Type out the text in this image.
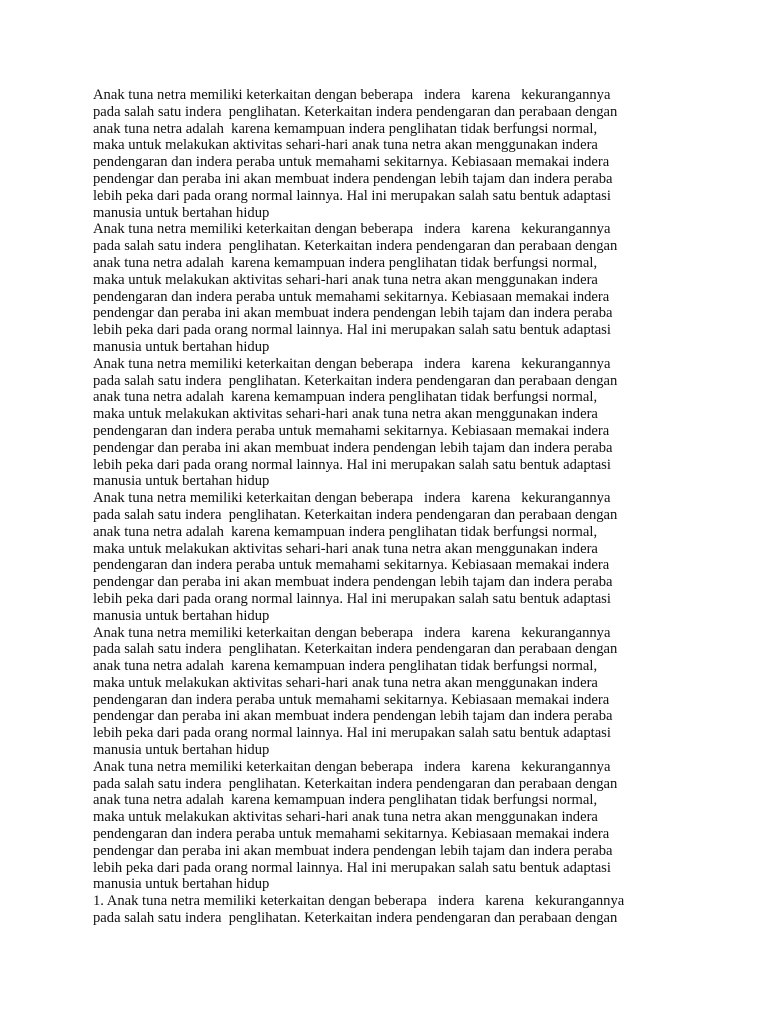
Anak tuna netra memiliki keterkaitan dengan beberapa   indera   karena   kekurangannya
pada salah satu indera  penglihatan. Keterkaitan indera pendengaran dan perabaan dengan
anak tuna netra adalah  karena kemampuan indera penglihatan tidak berfungsi normal,
maka untuk melakukan aktivitas sehari-hari anak tuna netra akan menggunakan indera
pendengaran dan indera peraba untuk memahami sekitarnya. Kebiasaan memakai indera
pendengar dan peraba ini akan membuat indera pendengan lebih tajam dan indera peraba
lebih peka dari pada orang normal lainnya. Hal ini merupakan salah satu bentuk adaptasi
manusia untuk bertahan hidup
Anak tuna netra memiliki keterkaitan dengan beberapa   indera   karena   kekurangannya
pada salah satu indera  penglihatan. Keterkaitan indera pendengaran dan perabaan dengan
anak tuna netra adalah  karena kemampuan indera penglihatan tidak berfungsi normal,
maka untuk melakukan aktivitas sehari-hari anak tuna netra akan menggunakan indera
pendengaran dan indera peraba untuk memahami sekitarnya. Kebiasaan memakai indera
pendengar dan peraba ini akan membuat indera pendengan lebih tajam dan indera peraba
lebih peka dari pada orang normal lainnya. Hal ini merupakan salah satu bentuk adaptasi
manusia untuk bertahan hidup
Anak tuna netra memiliki keterkaitan dengan beberapa   indera   karena   kekurangannya
pada salah satu indera  penglihatan. Keterkaitan indera pendengaran dan perabaan dengan
anak tuna netra adalah  karena kemampuan indera penglihatan tidak berfungsi normal,
maka untuk melakukan aktivitas sehari-hari anak tuna netra akan menggunakan indera
pendengaran dan indera peraba untuk memahami sekitarnya. Kebiasaan memakai indera
pendengar dan peraba ini akan membuat indera pendengan lebih tajam dan indera peraba
lebih peka dari pada orang normal lainnya. Hal ini merupakan salah satu bentuk adaptasi
manusia untuk bertahan hidup
Anak tuna netra memiliki keterkaitan dengan beberapa   indera   karena   kekurangannya
pada salah satu indera  penglihatan. Keterkaitan indera pendengaran dan perabaan dengan
anak tuna netra adalah  karena kemampuan indera penglihatan tidak berfungsi normal,
maka untuk melakukan aktivitas sehari-hari anak tuna netra akan menggunakan indera
pendengaran dan indera peraba untuk memahami sekitarnya. Kebiasaan memakai indera
pendengar dan peraba ini akan membuat indera pendengan lebih tajam dan indera peraba
lebih peka dari pada orang normal lainnya. Hal ini merupakan salah satu bentuk adaptasi
manusia untuk bertahan hidup
Anak tuna netra memiliki keterkaitan dengan beberapa   indera   karena   kekurangannya
pada salah satu indera  penglihatan. Keterkaitan indera pendengaran dan perabaan dengan
anak tuna netra adalah  karena kemampuan indera penglihatan tidak berfungsi normal,
maka untuk melakukan aktivitas sehari-hari anak tuna netra akan menggunakan indera
pendengaran dan indera peraba untuk memahami sekitarnya. Kebiasaan memakai indera
pendengar dan peraba ini akan membuat indera pendengan lebih tajam dan indera peraba
lebih peka dari pada orang normal lainnya. Hal ini merupakan salah satu bentuk adaptasi
manusia untuk bertahan hidup
Anak tuna netra memiliki keterkaitan dengan beberapa   indera   karena   kekurangannya
pada salah satu indera  penglihatan. Keterkaitan indera pendengaran dan perabaan dengan
anak tuna netra adalah  karena kemampuan indera penglihatan tidak berfungsi normal,
maka untuk melakukan aktivitas sehari-hari anak tuna netra akan menggunakan indera
pendengaran dan indera peraba untuk memahami sekitarnya. Kebiasaan memakai indera
pendengar dan peraba ini akan membuat indera pendengan lebih tajam dan indera peraba
lebih peka dari pada orang normal lainnya. Hal ini merupakan salah satu bentuk adaptasi
manusia untuk bertahan hidup
1. Anak tuna netra memiliki keterkaitan dengan beberapa   indera   karena   kekurangannya
pada salah satu indera  penglihatan. Keterkaitan indera pendengaran dan perabaan dengan
